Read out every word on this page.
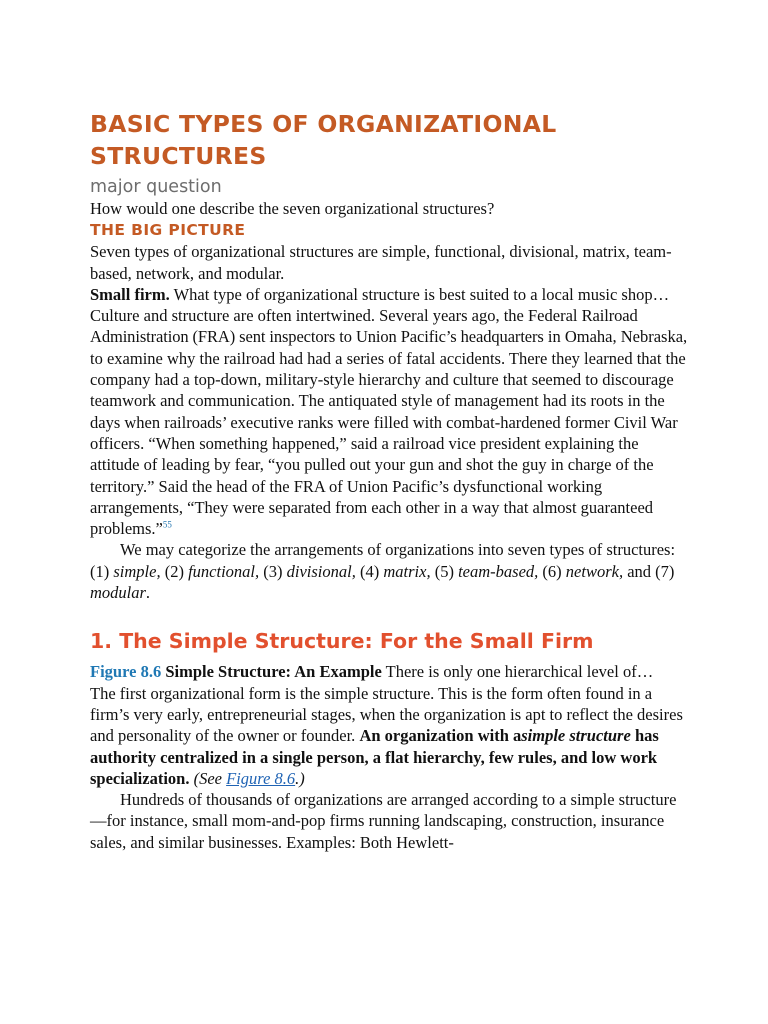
BASIC TYPES OF ORGANIZATIONAL
STRUCTURES
major question

How would one describe the seven organizational structures?

THE BIG PICTURE

Seven types of organizational structures are simple, functional, divisional, matrix, team-based, network, and modular.

Small firm. What type of organizational structure is best suited to a local music shop…

Culture and structure are often intertwined. Several years ago, the Federal Railroad Administration (FRA) sent inspectors to Union Pacific’s headquarters in Omaha, Nebraska, to examine why the railroad had had a series of fatal accidents. There they learned that the company had a top-down, military-style hierarchy and culture that seemed to discourage teamwork and communication. The antiquated style of management had its roots in the days when railroads’ executive ranks were filled with combat-hardened former Civil War officers. “When something happened,” said a railroad vice president explaining the attitude of leading by fear, “you pulled out your gun and shot the guy in charge of the territory.” Said the head of the FRA of Union Pacific’s dysfunctional working arrangements, “They were separated from each other in a way that almost guaranteed problems.”$^{55}$

We may categorize the arrangements of organizations into seven types of structures: (1) simple, (2) functional, (3) divisional, (4) matrix, (5) team-based, (6) network, and (7) modular.

1. The Simple Structure: For the Small Firm

Figure 8.6 Simple Structure: An Example There is only one hierarchical level of…

The first organizational form is the simple structure. This is the form often found in a firm’s very early, entrepreneurial stages, when the organization is apt to reflect the desires and personality of the owner or founder. An organization with asimple structure has authority centralized in a single person, a flat hierarchy, few rules, and low work specialization. (See Figure 8.6.)

Hundreds of thousands of organizations are arranged according to a simple structure—for instance, small mom-and-pop firms running landscaping, construction, insurance sales, and similar businesses. Examples: Both Hewlett-
